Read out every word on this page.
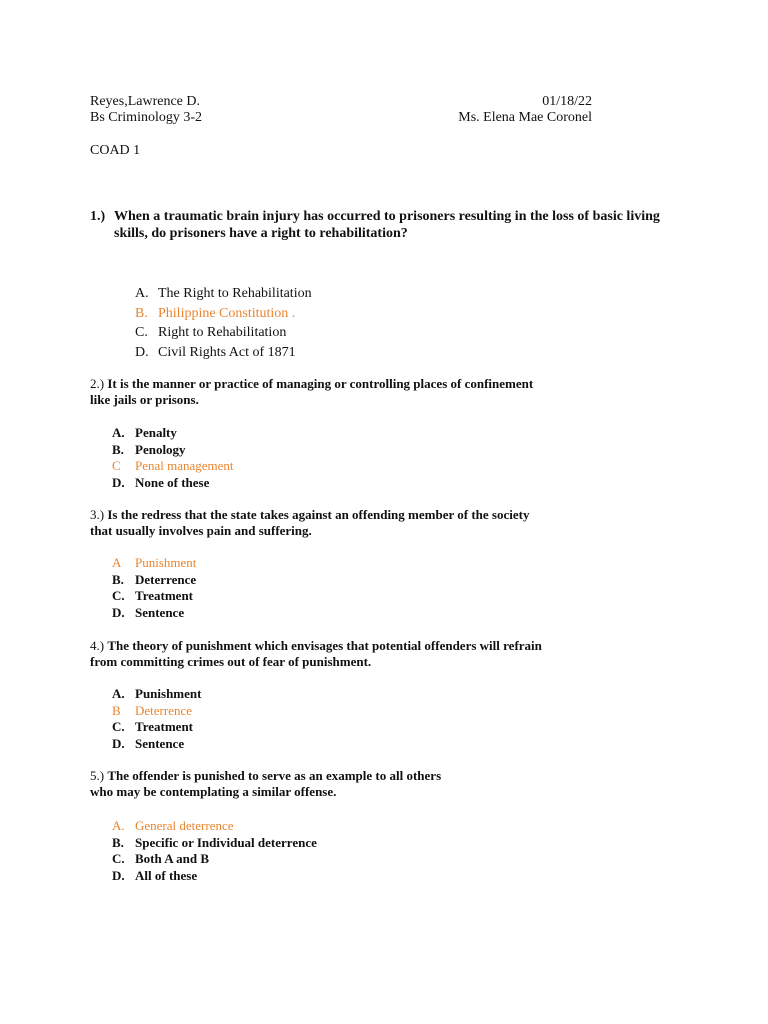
Reyes,Lawrence D.
Bs Criminology 3-2
COAD 1
01/18/22
Ms. Elena Mae Coronel
1.) When a traumatic brain injury has occurred to prisoners resulting in the loss of basic living skills, do prisoners have a right to rehabilitation?
A. The Right to Rehabilitation
B. Philippine Constitution .
C. Right to Rehabilitation
D. Civil Rights Act of 1871
2.) It is the manner or practice of managing or controlling places of confinement
like jails or prisons.
A. Penalty
B. Penology
C	Penal management
D. None of these
3.) Is the redress that the state takes against an offending member of the society
that usually involves pain and suffering.
A	Punishment
B. Deterrence
C. Treatment
D. Sentence
4.) The theory of punishment which envisages that potential offenders will refrain
from committing crimes out of fear of punishment.
A. Punishment
B	Deterrence
C. Treatment
D. Sentence
5.) The offender is punished to serve as an example to all others
who may be contemplating a similar offense.
A. General deterrence
B. Specific or Individual deterrence
C. Both A and B
D. All of these
